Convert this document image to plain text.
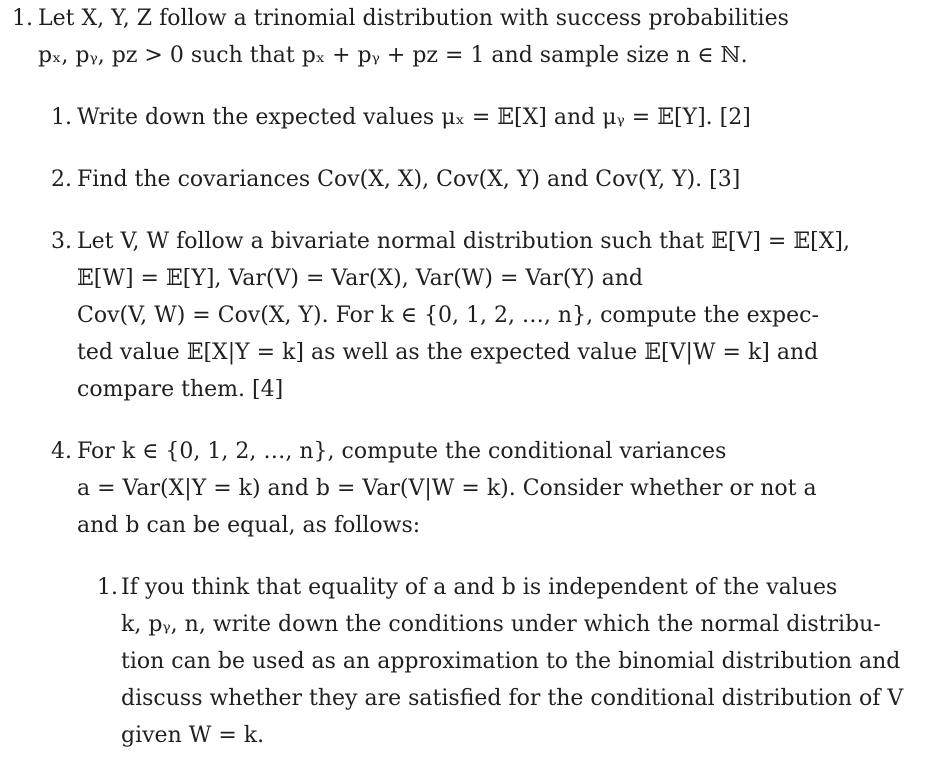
1. Let X, Y, Z follow a trinomial distribution with success probabilities
pₓ, pᵧ, pᴢ > 0 such that pₓ + pᵧ + pᴢ = 1 and sample size n ∈ ℕ.
1. Write down the expected values μₓ = 𝔼[X] and μᵧ = 𝔼[Y]. [2]
2. Find the covariances Cov(X, X), Cov(X, Y) and Cov(Y, Y). [3]
3. Let V, W follow a bivariate normal distribution such that 𝔼[V] = 𝔼[X],
𝔼[W] = 𝔼[Y], Var(V) = Var(X), Var(W) = Var(Y) and
Cov(V, W) = Cov(X, Y). For k ∈ {0, 1, 2, …, n}, compute the expec-
ted value 𝔼[X|Y = k] as well as the expected value 𝔼[V|W = k] and
compare them. [4]
4. For k ∈ {0, 1, 2, …, n}, compute the conditional variances
a = Var(X|Y = k) and b = Var(V|W = k). Consider whether or not a
and b can be equal, as follows:
1. If you think that equality of a and b is independent of the values
k, pᵧ, n, write down the conditions under which the normal distribu-
tion can be used as an approximation to the binomial distribution and
discuss whether they are satisfied for the conditional distribution of V
given W = k.
